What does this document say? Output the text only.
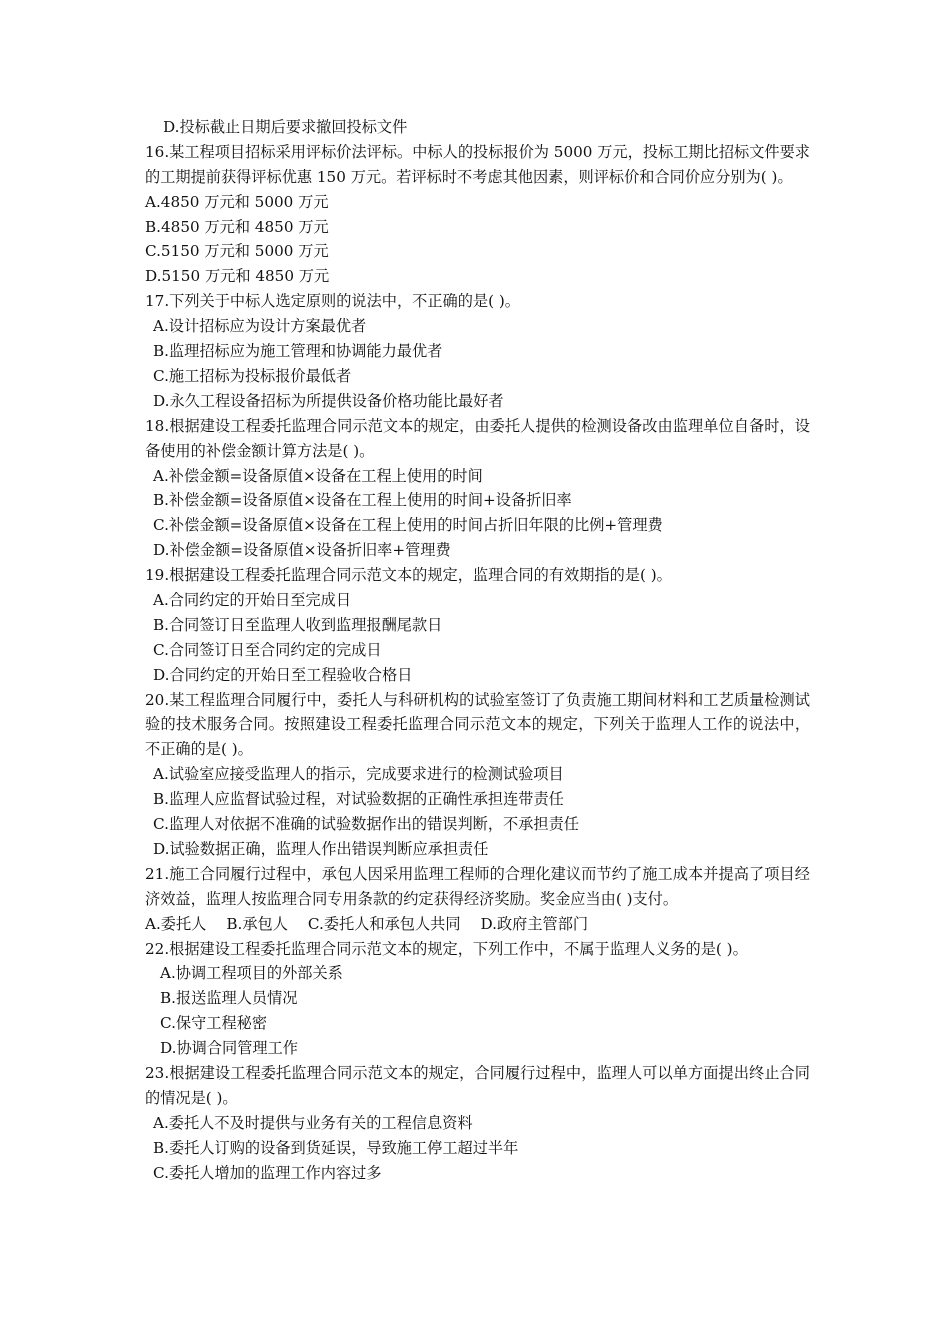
D.投标截止日期后要求撤回投标文件
16.某工程项目招标采用评标价法评标。中标人的投标报价为 5000 万元，投标工期比招标文件要求的工期提前获得评标优惠 150 万元。若评标时不考虑其他因素，则评标价和合同价应分别为( )。
A.4850 万元和 5000 万元
B.4850 万元和 4850 万元
C.5150 万元和 5000 万元
D.5150 万元和 4850 万元
17.下列关于中标人选定原则的说法中，不正确的是( )。
A.设计招标应为设计方案最优者
B.监理招标应为施工管理和协调能力最优者
C.施工招标为投标报价最低者
D.永久工程设备招标为所提供设备价格功能比最好者
18.根据建设工程委托监理合同示范文本的规定，由委托人提供的检测设备改由监理单位自备时，设备使用的补偿金额计算方法是( )。
A.补偿金额=设备原值×设备在工程上使用的时间
B.补偿金额=设备原值×设备在工程上使用的时间+设备折旧率
C.补偿金额=设备原值×设备在工程上使用的时间占折旧年限的比例+管理费
D.补偿金额=设备原值×设备折旧率+管理费
19.根据建设工程委托监理合同示范文本的规定，监理合同的有效期指的是( )。
A.合同约定的开始日至完成日
B.合同签订日至监理人收到监理报酬尾款日
C.合同签订日至合同约定的完成日
D.合同约定的开始日至工程验收合格日
20.某工程监理合同履行中，委托人与科研机构的试验室签订了负责施工期间材料和工艺质量检测试验的技术服务合同。按照建设工程委托监理合同示范文本的规定，下列关于监理人工作的说法中，不正确的是( )。
A.试验室应接受监理人的指示，完成要求进行的检测试验项目
B.监理人应监督试验过程，对试验数据的正确性承担连带责任
C.监理人对依据不准确的试验数据作出的错误判断，不承担责任
D.试验数据正确，监理人作出错误判断应承担责任
21.施工合同履行过程中，承包人因采用监理工程师的合理化建议而节约了施工成本并提高了项目经济效益，监理人按监理合同专用条款的约定获得经济奖励。奖金应当由( )支付。
A.委托人 B.承包人 C.委托人和承包人共同 D.政府主管部门
22.根据建设工程委托监理合同示范文本的规定，下列工作中，不属于监理人义务的是( )。
A.协调工程项目的外部关系
B.报送监理人员情况
C.保守工程秘密
D.协调合同管理工作
23.根据建设工程委托监理合同示范文本的规定，合同履行过程中，监理人可以单方面提出终止合同的情况是( )。
A.委托人不及时提供与业务有关的工程信息资料
B.委托人订购的设备到货延误，导致施工停工超过半年
C.委托人增加的监理工作内容过多
